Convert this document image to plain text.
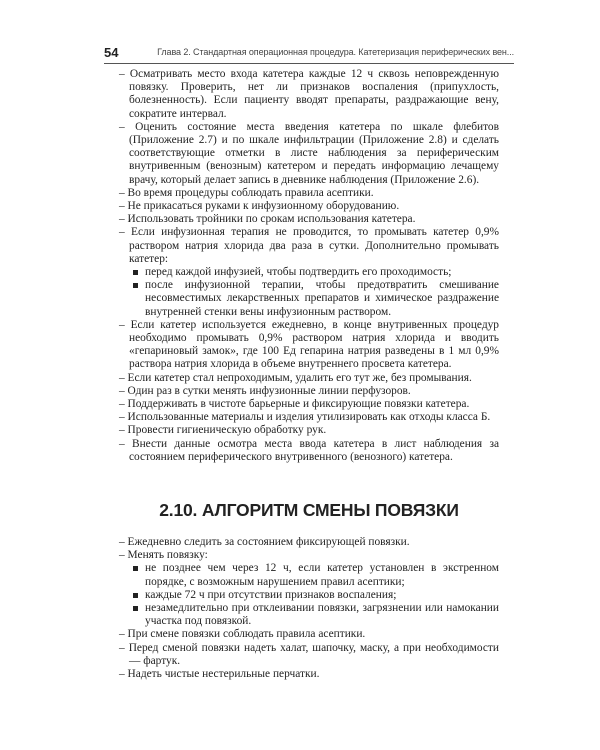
54	Глава 2. Стандартная операционная процедура. Катетеризация периферических вен...

– Осматривать место входа катетера каждые 12 ч сквозь неповрежденную повязку. Проверить, нет ли признаков воспаления (припухлость, болезненность). Если пациенту вводят препараты, раздражающие вену, сократите интервал.

– Оценить состояние места введения катетера по шкале флебитов (Приложение 2.7) и по шкале инфильтрации (Приложение 2.8) и сделать соответствующие отметки в листе наблюдения за периферическим внутривенным (венозным) катетером и передать информацию лечащему врачу, который делает запись в дневнике наблюдения (Приложение 2.6).

– Во время процедуры соблюдать правила асептики.

– Не прикасаться руками к инфузионному оборудованию.

– Использовать тройники по срокам использования катетера.

– Если инфузионная терапия не проводится, то промывать катетер 0,9% раствором натрия хлорида два раза в сутки. Дополнительно промывать катетер:

перед каждой инфузией, чтобы подтвердить его проходимость;

после инфузионной терапии, чтобы предотвратить смешивание несовместимых лекарственных препаратов и химическое раздражение внутренней стенки вены инфузионным раствором.

– Если катетер используется ежедневно, в конце внутривенных процедур необходимо промывать 0,9% раствором натрия хлорида и вводить «гепариновый замок», где 100 Ед гепарина натрия разведены в 1 мл 0,9% раствора натрия хлорида в объеме внутреннего просвета катетера.

– Если катетер стал непроходимым, удалить его тут же, без промывания.

– Один раз в сутки менять инфузионные линии перфузоров.

– Поддерживать в чистоте барьерные и фиксирующие повязки катетера.

– Использованные материалы и изделия утилизировать как отходы класса Б.

– Провести гигиеническую обработку рук.

– Внести данные осмотра места ввода катетера в лист наблюдения за состоянием периферического внутривенного (венозного) катетера.

2.10. АЛГОРИТМ СМЕНЫ ПОВЯЗКИ

– Ежедневно следить за состоянием фиксирующей повязки.

– Менять повязку:

не позднее чем через 12 ч, если катетер установлен в экстренном порядке, с возможным нарушением правил асептики;

каждые 72 ч при отсутствии признаков воспаления;

незамедлительно при отклеивании повязки, загрязнении или намокании участка под повязкой.

– При смене повязки соблюдать правила асептики.

– Перед сменой повязки надеть халат, шапочку, маску, а при необходимости — фартук.

– Надеть чистые нестерильные перчатки.
